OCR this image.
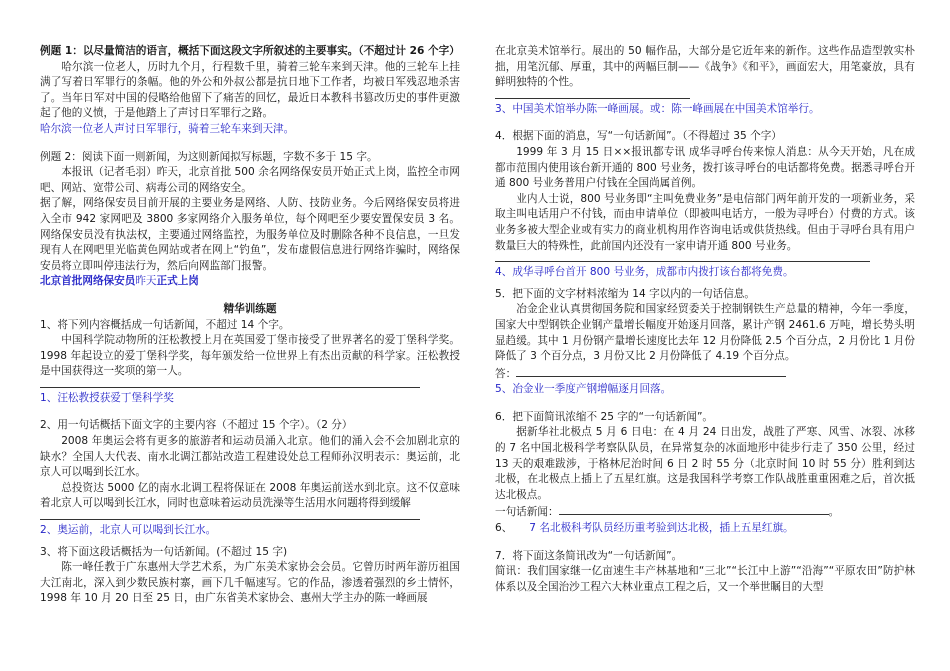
例题 1：以尽量简洁的语言，概括下面这段文字所叙述的主要事实。（不超过计 26 个字）

哈尔滨一位老人，历时九个月，行程数千里，骑着三轮车来到天津。他的三轮车上挂满了写着日军罪行的条幅。他的外公和外叔公都是抗日地下工作者，均被日军残忍地杀害了。当年日军对中国的侵略给他留下了痛苦的回忆，最近日本教科书篡改历史的事件更激起了他的义愤，于是他踏上了声讨日军罪行之路。

哈尔滨一位老人声讨日军罪行，骑着三轮车来到天津。

例题 2：阅读下面一则新闻，为这则新闻拟写标题，字数不多于 15 字。

本报讯（记者毛羽）昨天，北京首批 500 余名网络保安员开始正式上岗，监控全市网吧、网站、宽带公司、病毒公司的网络安全。

据了解，网络保安员目前开展的主要业务是网络、人防、技防业务。今后网络保安员将进入全市 942 家网吧及 3800 多家网络介入服务单位，每个网吧至少要安置保安员 3 名。网络保安员没有执法权，主要通过网络监控，为服务单位及时删除各种不良信息，一旦发现有人在网吧里光临黄色网站或者在网上“钓鱼”，发布虚假信息进行网络诈骗时，网络保安员将立即叫停违法行为，然后向网监部门报警。

北京首批网络保安员昨天正式上岗

精华训练题

1、将下列内容概括成一句话新闻，不超过 14 个字。

中国科学院动物所的汪松教授上月在英国爱丁堡市接受了世界著名的爱丁堡科学奖。1998 年起设立的爱丁堡科学奖，每年颁发给一位世界上有杰出贡献的科学家。汪松教授是中国获得这一奖项的第一人。

1、汪松教授获爱丁堡科学奖

2、用一句话概括下面文字的主要内容（不超过 15 个字）。（2 分）

2008 年奥运会将有更多的旅游者和运动员涌入北京。他们的涌入会不会加剧北京的缺水？全国人大代表、南水北调江都站改造工程建设处总工程师孙汉明表示：奥运前，北京人可以喝到长江水。

总投资达 5000 亿的南水北调工程将保证在 2008 年奥运前送水到北京。这不仅意味着北京人可以喝到长江水，同时也意味着运动员洗澡等生活用水问题将得到缓解

2、奥运前，北京人可以喝到长江水。

3、将下面这段话概括为一句话新闻。(不超过 15 字)

陈一峰任教于广东惠州大学艺术系，为广东美术家协会会员。它曾历时两年游历祖国大江南北，深入到少数民族村寨，画下几千幅速写。它的作品，渗透着强烈的乡土情怀，1998 年 10 月 20 日至 25 日，由广东省美术家协会、惠州大学主办的陈一峰画展

在北京美术馆举行。展出的 50 幅作品，大部分是它近年来的新作。这些作品造型敦实朴拙，用笔沉郁、厚重，其中的两幅巨制——《战争》《和平》，画面宏大，用笔豪放，具有鲜明独特的个性。

3、中国美术馆举办陈一峰画展。或：陈一峰画展在中国美术馆举行。

4．根据下面的消息，写“一句话新闻”。（不得超过 35 个字）

1999 年 3 月 15 日××报讯都专讯 成华寻呼台传来惊人消息：从今天开始，凡在成都市范围内使用该台新开通的 800 号业务，拨打该寻呼台的电话都将免费。据悉寻呼台开通 800 号业务普用户付钱在全国尚属首例。

业内人士说，800 号业务即“主叫免费业务”是电信部门两年前开发的一项新业务，采取主叫电话用户不付钱，而由申请单位（即被叫电话方，一般为寻呼台）付费的方式。该业务多被大型企业或有实力的商业机构用作咨询电话或供货热线。但由于寻呼台具有用户数量巨大的特殊性，此前国内还没有一家申请开通 800 号业务。

4、成华寻呼台首开 800 号业务，成都市内拨打该台都将免费。

5．把下面的文字材料浓缩为 14 字以内的一句话信息。

冶金企业认真贯彻国务院和国家经贸委关于控制钢铁生产总量的精神，今年一季度，国家大中型钢铁企业钢产量增长幅度开始逐月回落，累计产钢 2461.6 万吨，增长势头明显趋缓。其中 1 月份钢产量增长速度比去年 12 月份降低 2.5 个百分点，2 月份比 1 月份降低了 3 个百分点，3 月份又比 2 月份降低了 4.19 个百分点。

答：

5、冶金业一季度产钢增幅逐月回落。

6．把下面简讯浓缩不 25 字的“一句话新闻”。

据新华社北极点 5 月 6 日电：在 4 月 24 日出发，战胜了严寒、风雪、冰裂、冰移的 7 名中国北极科学考察队队员，在异常复杂的冰面地形中徒步行走了 350 公里，经过 13 天的艰难跋涉，于格林尼治时间 6 日 2 时 55 分（北京时间 10 时 55 分）胜利到达北极，在北极点上插上了五星红旗。这是我国科学考察工作队战胜重重困难之后，首次抵达北极点。

一句话新闻：	。

6、 7 名北极科考队员经历重考验到达北极，插上五星红旗。

7．将下面这条简讯改为“一句话新闻”。

简讯：我们国家继一亿亩速生丰产林基地和“三北”“长江中上游”“沿海”“平原农田”防护林体系以及全国治沙工程六大林业重点工程之后，又一个举世瞩目的大型
